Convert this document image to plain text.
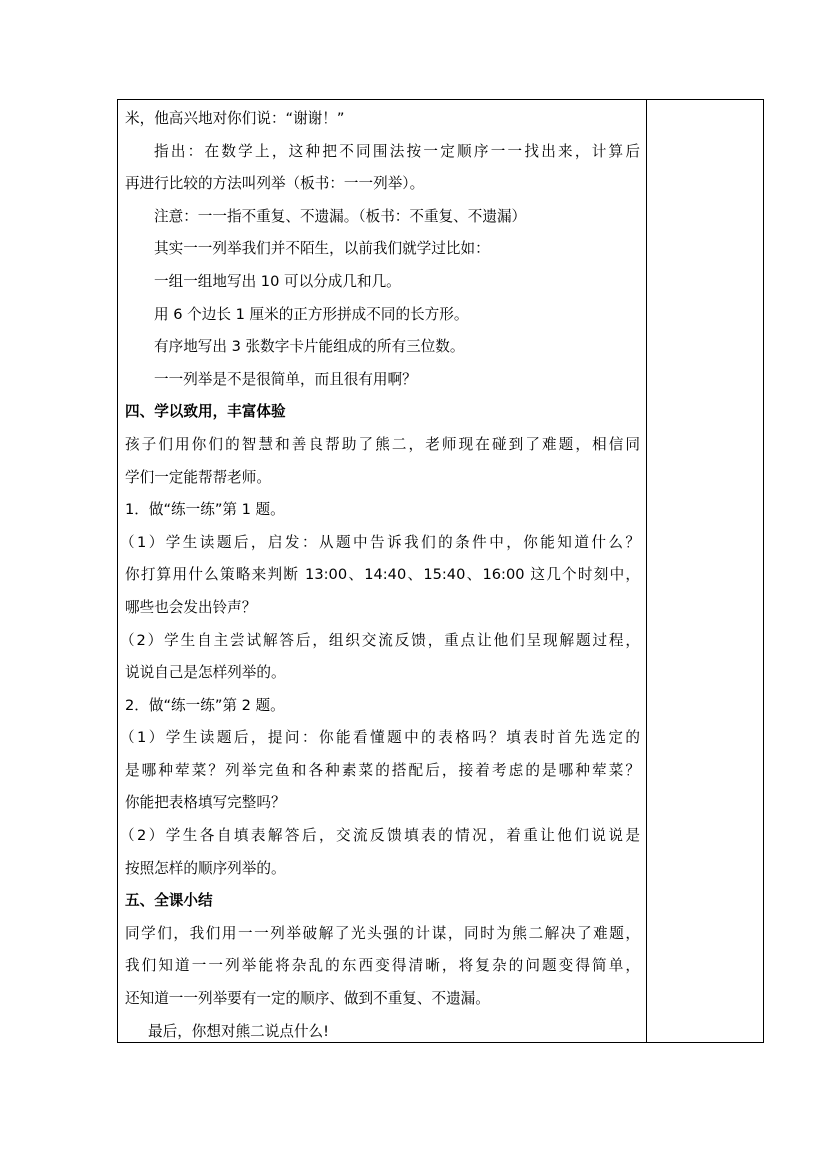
米，他高兴地对你们说：“谢谢！”
指出：在数学上，这种把不同围法按一定顺序一一找出来，计算后
再进行比较的方法叫列举（板书：一一列举）。
注意：一一指不重复、不遗漏。（板书：不重复、不遗漏）
其实一一列举我们并不陌生，以前我们就学过比如：
一组一组地写出 10 可以分成几和几。
用 6 个边长 1 厘米的正方形拼成不同的长方形。
有序地写出 3 张数字卡片能组成的所有三位数。
一一列举是不是很简单，而且很有用啊？
四、学以致用，丰富体验
孩子们用你们的智慧和善良帮助了熊二，老师现在碰到了难题，相信同
学们一定能帮帮老师。
1．做“练一练”第 1 题。
（1）学生读题后，启发：从题中告诉我们的条件中，你能知道什么？
你打算用什么策略来判断 13:00、14:40、15:40、16:00 这几个时刻中，
哪些也会发出铃声？
（2）学生自主尝试解答后，组织交流反馈，重点让他们呈现解题过程，
说说自己是怎样列举的。
2．做“练一练”第 2 题。
（1）学生读题后，提问：你能看懂题中的表格吗？填表时首先选定的
是哪种荤菜？列举完鱼和各种素菜的搭配后，接着考虑的是哪种荤菜？
你能把表格填写完整吗？
（2）学生各自填表解答后，交流反馈填表的情况，着重让他们说说是
按照怎样的顺序列举的。
五、全课小结
同学们，我们用一一列举破解了光头强的计谋，同时为熊二解决了难题，
我们知道一一列举能将杂乱的东西变得清晰，将复杂的问题变得简单，
还知道一一列举要有一定的顺序、做到不重复、不遗漏。
最后，你想对熊二说点什么!
